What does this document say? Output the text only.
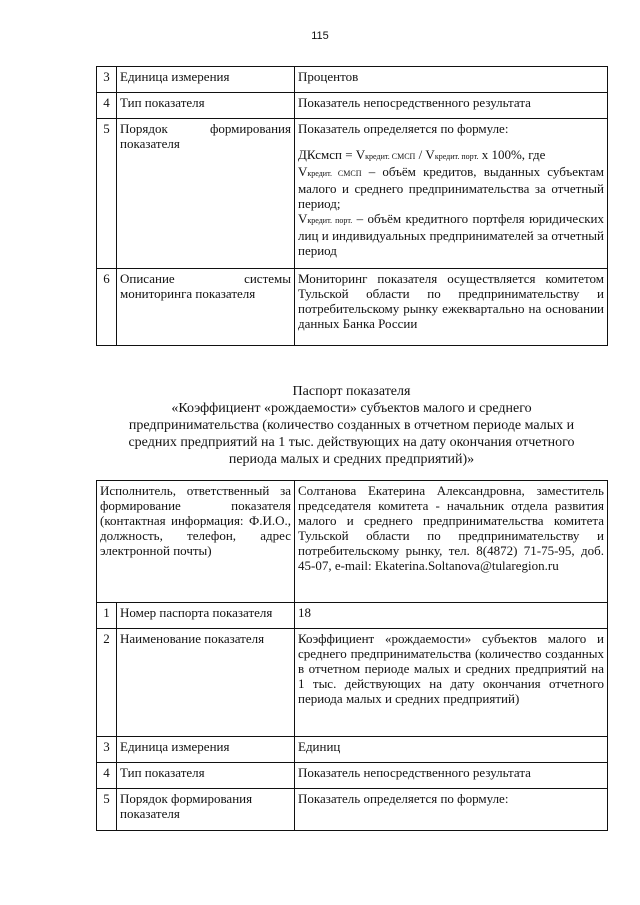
115
3	Единица измерения	Процентов
4	Тип показателя	Показатель непосредственного результата
5	Порядок формирования показателя	Показатель определяется по формуле:
ДКсмсп = Vкредит. СМСП / Vкредит. порт. х 100%, где
Vкредит. СМСП – объём кредитов, выданных субъектам малого и среднего предпринимательства за отчетный период;
Vкредит. порт. – объём кредитного портфеля юридических лиц и индивидуальных предпринимателей за отчетный период

6	Описание системы мониторинга показателя	Мониторинг показателя осуществляется комитетом Тульской области по предпринимательству и потребительскому рынку ежеквартально на основании данных Банка России
Паспорт показателя
«Коэффициент «рождаемости» субъектов малого и среднего
предпринимательства (количество созданных в отчетном периоде малых и
средних предприятий на 1 тыс. действующих на дату окончания отчетного
периода малых и средних предприятий)»
Исполнитель, ответственный за формирование показателя (контактная информация: Ф.И.О., должность, телефон, адрес электронной почты)		Солтанова Екатерина Александровна, заместитель председателя комитета - начальник отдела развития малого и среднего предпринимательства комитета Тульской области по предпринимательству и потребительскому рынку, тел. 8(4872) 71-75-95, доб. 45-07, e-mail: Ekaterina.Soltanova@tularegion.ru
1	Номер паспорта показателя	18
2	Наименование показателя	Коэффициент «рождаемости» субъектов малого и среднего предпринимательства (количество созданных в отчетном периоде малых и средних предприятий на 1 тыс. действующих на дату окончания отчетного периода малых и средних предприятий)
3	Единица измерения	Единиц
4	Тип показателя	Показатель непосредственного результата
5	Порядок формирования показателя	Показатель определяется по формуле:
